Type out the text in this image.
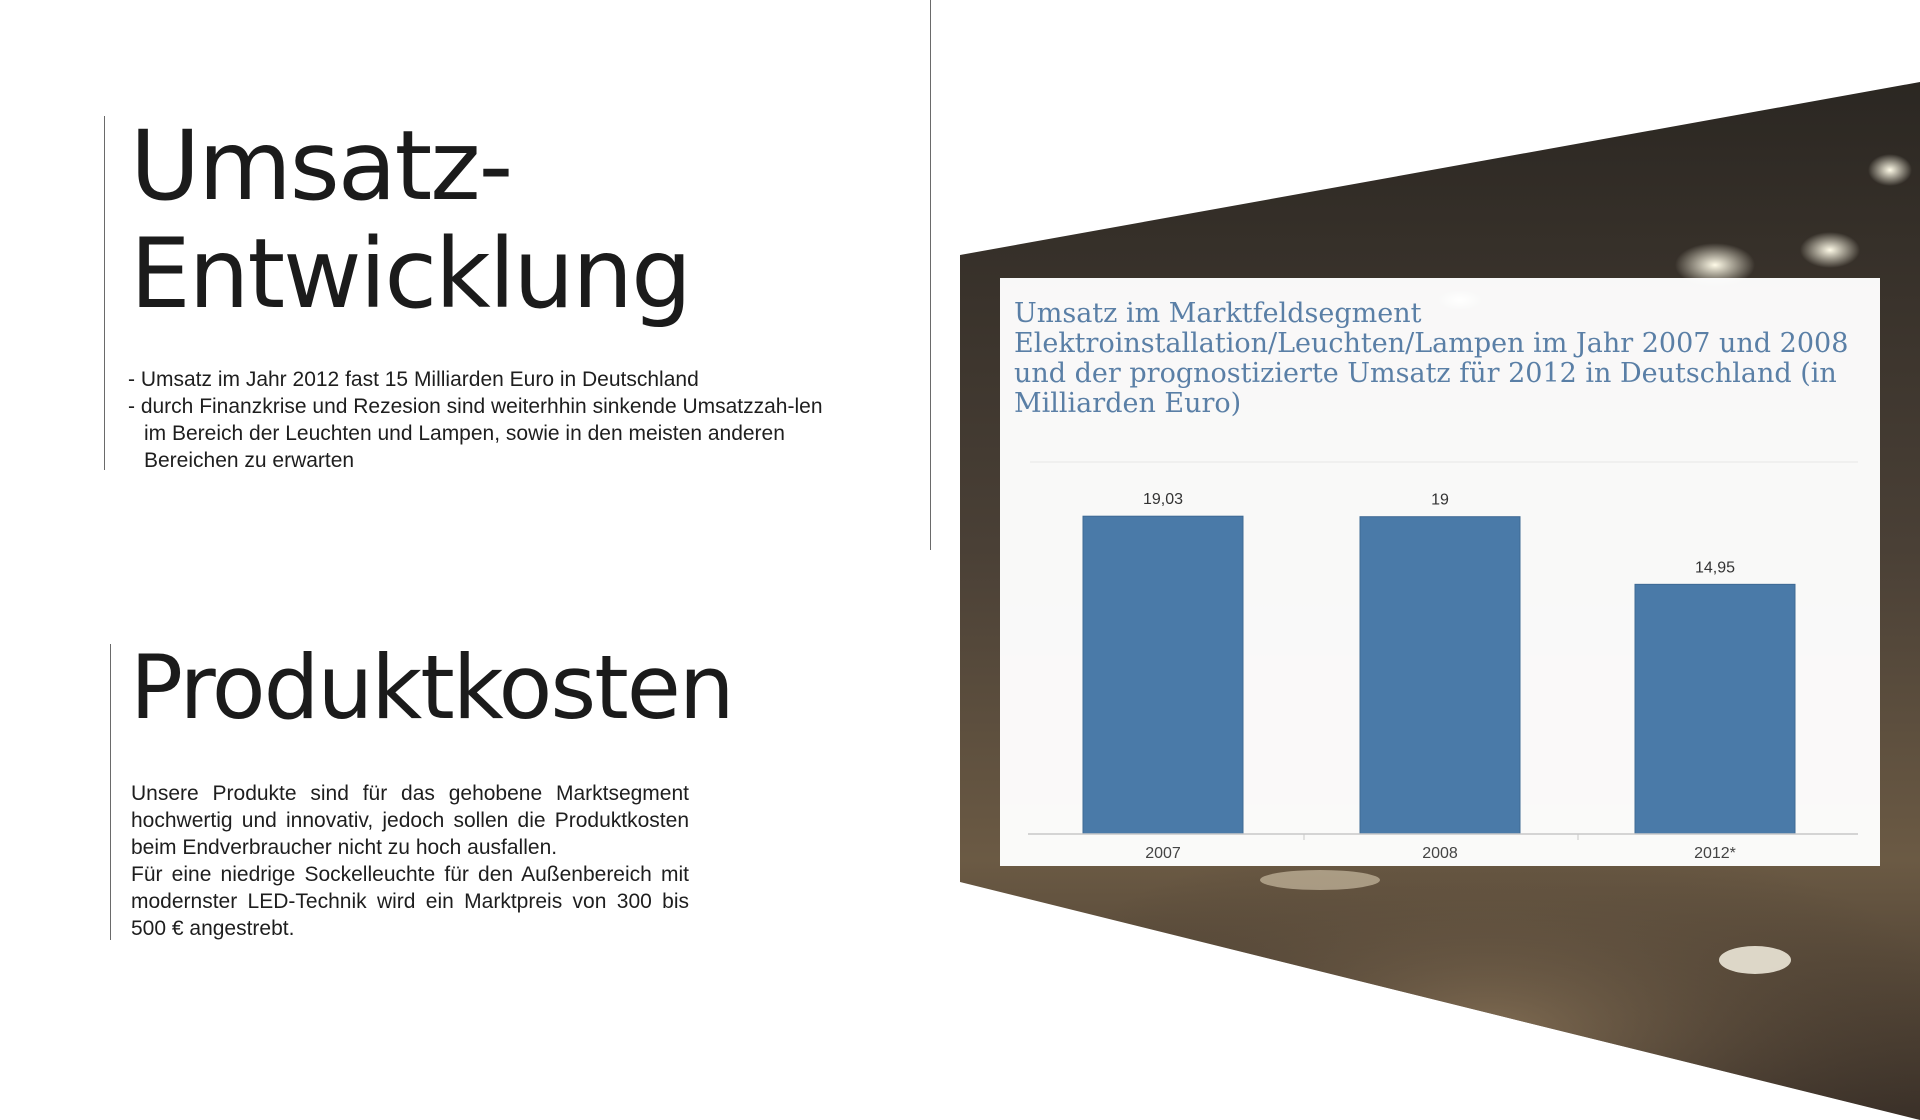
Umsatz-
Entwicklung
- Umsatz im Jahr 2012 fast 15 Milliarden Euro in Deutschland
- durch Finanzkrise und Rezesion sind weiterhhin sinkende Umsatzzah-len im Bereich der Leuchten und Lampen, sowie in den meisten anderen Bereichen zu erwarten
Produktkosten

Unsere Produkte sind für das gehobene Marktsegment hochwertig und innovativ, jedoch sollen die Produktkosten beim Endverbraucher nicht zu hoch ausfallen.

Für eine niedrige Sockelleuchte für den Außenbereich mit modernster LED-Technik wird ein Marktpreis von 300 bis 500 € angestrebt.

Umsatz im Marktfeldsegment
Elektroinstallation/Leuchten/Lampen im Jahr 2007 und 2008
und der prognostizierte Umsatz für 2012 in Deutschland (in
Milliarden Euro)
19,03
2007
19
2008
14,95
2012*
